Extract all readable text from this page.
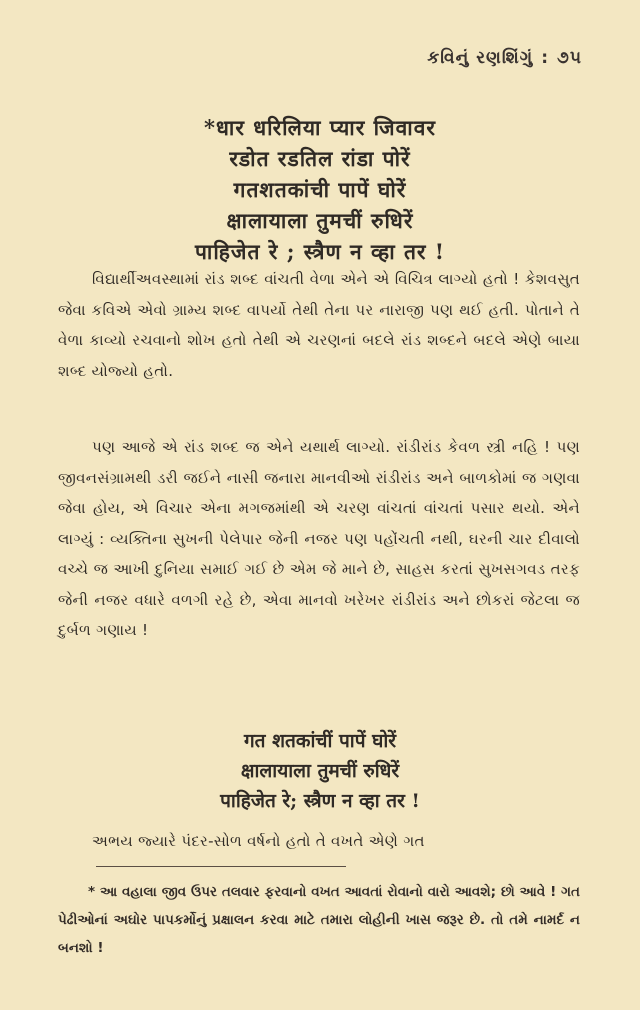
કવિનું રણશિંગું : ૭૫
*धार धरिलिया प्यार जिवावर
रडोत रडतिल रांडा पोरें
गतशतकांची पापें घोरें
क्षालायाला तुमचीं रुधिरें
पाहिजेत रे ; स्त्रैण न व्हा तर !

વિદ્યાર્થીઅવસ્થામાં રાંડ શબ્દ વાંચતી વેળા એને એ વિચિત્ર લાગ્યો હતો ! કેશવસુત જેવા કવિએ એવો ગ્રામ્ય શબ્દ વાપર્યો તેથી તેના પર નારાજી પણ થઈ હતી. પોતાને તે વેળા કાવ્યો રચવાનો શોખ હતો તેથી એ ચરણનાં બદલે રાંડ શબ્દને બદલે એણે બાયા શબ્દ યોજ્યો હતો.

પણ આજે એ રાંડ શબ્દ જ એને યથાર્થ લાગ્યો. રાંડીરાંડ કેવળ સ્ત્રી નહિ ! પણ જીવનસંગ્રામથી ડરી જઈને નાસી જનારા માનવીઓ રાંડીરાંડ અને બાળકોમાં જ ગણવા જેવા હોય, એ વિચાર એના મગજમાંથી એ ચરણ વાંચતાં વાંચતાં પસાર થયો. એને લાગ્યું : વ્યક્તિના સુખની પેલેપાર જેની નજર પણ પહોંચતી નથી, ઘરની ચાર દીવાલો વચ્ચે જ આખી દુનિયા સમાઈ ગઈ છે એમ જે માને છે, સાહસ કરતાં સુખસગવડ તરફ જેની નજર વધારે વળગી રહે છે, એવા માનવો ખરેખર રાંડીરાંડ અને છોકરાં જેટલા જ દુર્બળ ગણાય !

गत शतकांचीं पापें घोरें
क्षालायाला तुमचीं रुधिरें
पाहिजेत रे; स्त्रैण न व्हा तर !

અભય જ્યારે પંદર-સોળ વર્ષનો હતો તે વખતે એણે ગત

* આ વહાલા જીવ ઉપર તલવાર ફરવાનો વખત આવતાં રોવાનો વારો આવશે; છો આવે ! ગત પેઢીઓનાં અઘોર પાપકર્મોનું પ્રક્ષાલન કરવા માટે તમારા લોહીની ખાસ જરૂર છે. તો તમે નામર્દ ન બનશો !
